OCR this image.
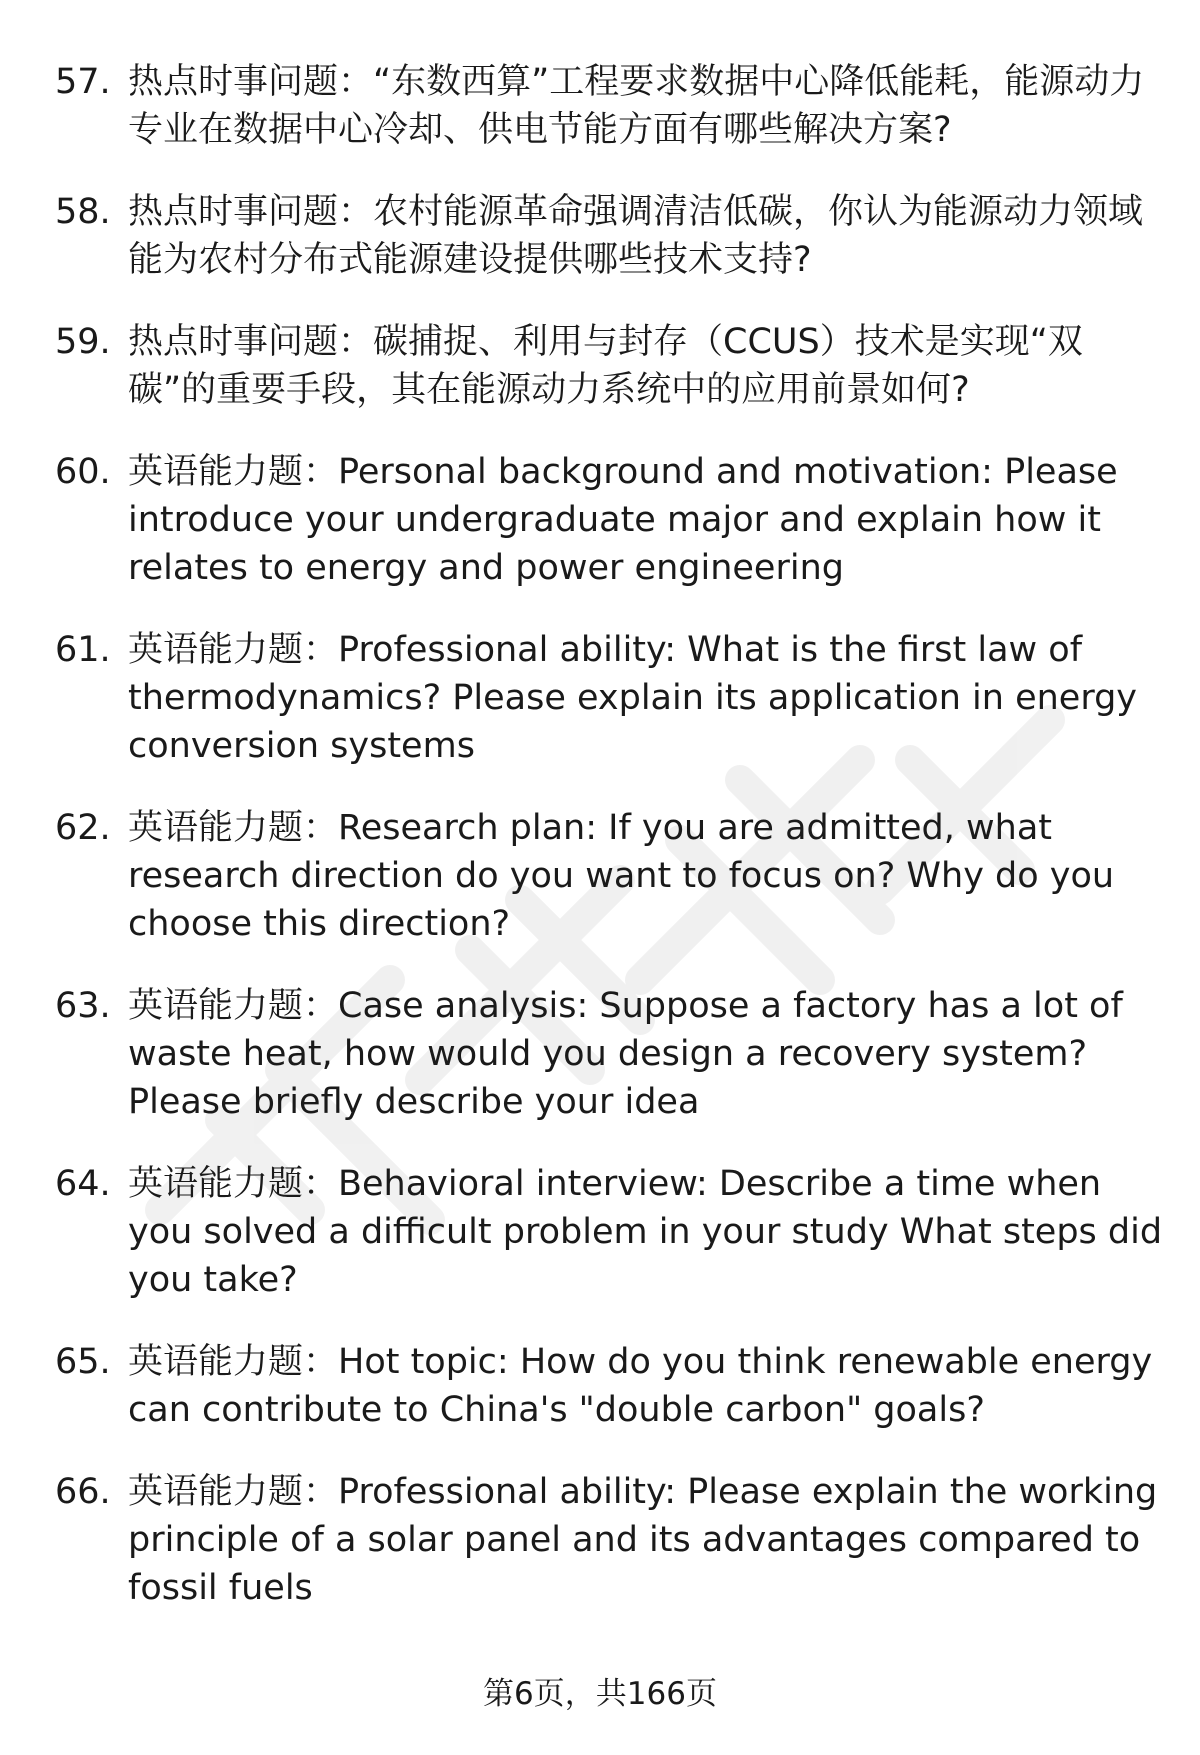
57. 热点时事问题：“东数西算”工程要求数据中心降低能耗，能源动力专业在数据中心冷却、供电节能方面有哪些解决方案?
58. 热点时事问题：农村能源革命强调清洁低碳，你认为能源动力领域能为农村分布式能源建设提供哪些技术支持?
59. 热点时事问题：碳捕捉、利用与封存（CCUS）技术是实现“双碳”的重要手段，其在能源动力系统中的应用前景如何?
60. 英语能力题：Personal background and motivation: Please introduce your undergraduate major and explain how it relates to energy and power engineering
61. 英语能力题：Professional ability: What is the first law of thermodynamics? Please explain its application in energy conversion systems
62. 英语能力题：Research plan: If you are admitted, what research direction do you want to focus on? Why do you choose this direction?
63. 英语能力题：Case analysis: Suppose a factory has a lot of waste heat, how would you design a recovery system? Please briefly describe your idea
64. 英语能力题：Behavioral interview: Describe a time when you solved a difficult problem in your study What steps did you take?
65. 英语能力题：Hot topic: How do you think renewable energy can contribute to China's "double carbon" goals?
66. 英语能力题：Professional ability: Please explain the working principle of a solar panel and its advantages compared to fossil fuels
第6页，共166页
